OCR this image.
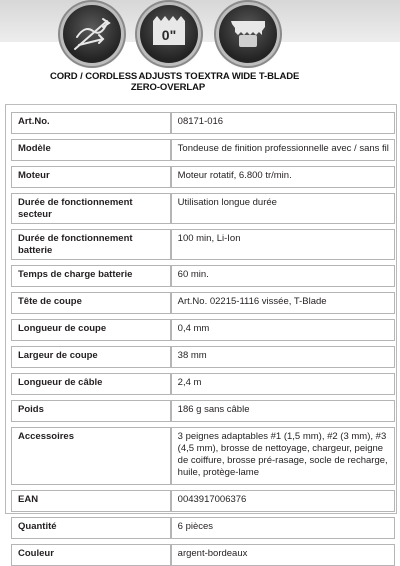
CORD / CORDLESS
0"
ADJUSTS TO
ZERO-OVERLAP
EXTRA WIDE T-BLADE
Art.No.	08171-016

Modèle	Tondeuse de finition professionnelle avec / sans fil

Moteur	Moteur rotatif, 6.800 tr/min.

Durée de fonctionnement secteur	Utilisation longue durée

Durée de fonctionnement batterie	100 min, Li-Ion

Temps de charge batterie	60 min.

Tête de coupe	Art.No. 02215-1116 vissée, T-Blade

Longueur de coupe	0,4 mm

Largeur de coupe	38 mm

Longueur de câble	2,4 m

Poids	186 g sans câble

Accessoires	3 peignes adaptables #1 (1,5 mm), #2 (3 mm), #3 (4,5 mm), brosse de nettoyage, chargeur, peigne de coiffure, brosse pré-rasage, socle de recharge, huile, protège-lame

EAN	0043917006376

Quantité	6 pièces

Couleur	argent-bordeaux
